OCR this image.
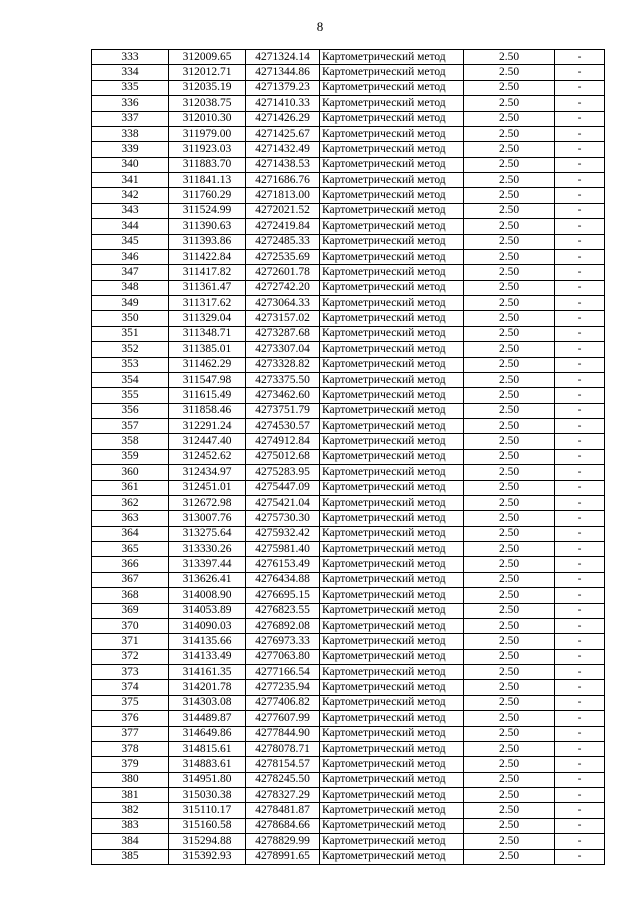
8
333	312009.65	4271324.14	Картометрический метод	2.50	-
334	312012.71	4271344.86	Картометрический метод	2.50	-
335	312035.19	4271379.23	Картометрический метод	2.50	-
336	312038.75	4271410.33	Картометрический метод	2.50	-
337	312010.30	4271426.29	Картометрический метод	2.50	-
338	311979.00	4271425.67	Картометрический метод	2.50	-
339	311923.03	4271432.49	Картометрический метод	2.50	-
340	311883.70	4271438.53	Картометрический метод	2.50	-
341	311841.13	4271686.76	Картометрический метод	2.50	-
342	311760.29	4271813.00	Картометрический метод	2.50	-
343	311524.99	4272021.52	Картометрический метод	2.50	-
344	311390.63	4272419.84	Картометрический метод	2.50	-
345	311393.86	4272485.33	Картометрический метод	2.50	-
346	311422.84	4272535.69	Картометрический метод	2.50	-
347	311417.82	4272601.78	Картометрический метод	2.50	-
348	311361.47	4272742.20	Картометрический метод	2.50	-
349	311317.62	4273064.33	Картометрический метод	2.50	-
350	311329.04	4273157.02	Картометрический метод	2.50	-
351	311348.71	4273287.68	Картометрический метод	2.50	-
352	311385.01	4273307.04	Картометрический метод	2.50	-
353	311462.29	4273328.82	Картометрический метод	2.50	-
354	311547.98	4273375.50	Картометрический метод	2.50	-
355	311615.49	4273462.60	Картометрический метод	2.50	-
356	311858.46	4273751.79	Картометрический метод	2.50	-
357	312291.24	4274530.57	Картометрический метод	2.50	-
358	312447.40	4274912.84	Картометрический метод	2.50	-
359	312452.62	4275012.68	Картометрический метод	2.50	-
360	312434.97	4275283.95	Картометрический метод	2.50	-
361	312451.01	4275447.09	Картометрический метод	2.50	-
362	312672.98	4275421.04	Картометрический метод	2.50	-
363	313007.76	4275730.30	Картометрический метод	2.50	-
364	313275.64	4275932.42	Картометрический метод	2.50	-
365	313330.26	4275981.40	Картометрический метод	2.50	-
366	313397.44	4276153.49	Картометрический метод	2.50	-
367	313626.41	4276434.88	Картометрический метод	2.50	-
368	314008.90	4276695.15	Картометрический метод	2.50	-
369	314053.89	4276823.55	Картометрический метод	2.50	-
370	314090.03	4276892.08	Картометрический метод	2.50	-
371	314135.66	4276973.33	Картометрический метод	2.50	-
372	314133.49	4277063.80	Картометрический метод	2.50	-
373	314161.35	4277166.54	Картометрический метод	2.50	-
374	314201.78	4277235.94	Картометрический метод	2.50	-
375	314303.08	4277406.82	Картометрический метод	2.50	-
376	314489.87	4277607.99	Картометрический метод	2.50	-
377	314649.86	4277844.90	Картометрический метод	2.50	-
378	314815.61	4278078.71	Картометрический метод	2.50	-
379	314883.61	4278154.57	Картометрический метод	2.50	-
380	314951.80	4278245.50	Картометрический метод	2.50	-
381	315030.38	4278327.29	Картометрический метод	2.50	-
382	315110.17	4278481.87	Картометрический метод	2.50	-
383	315160.58	4278684.66	Картометрический метод	2.50	-
384	315294.88	4278829.99	Картометрический метод	2.50	-
385	315392.93	4278991.65	Картометрический метод	2.50	-
